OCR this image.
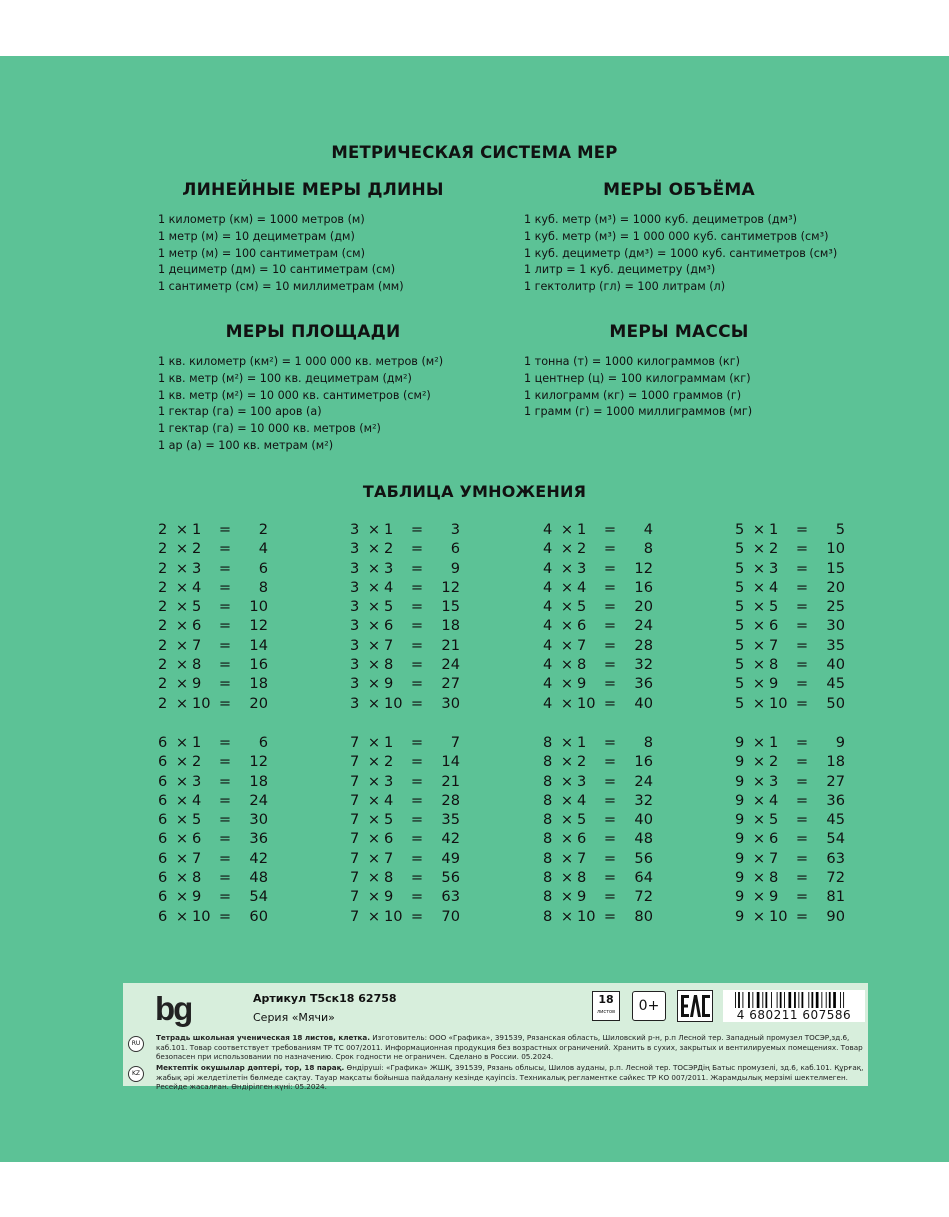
МЕТРИЧЕСКАЯ СИСТЕМА МЕР
ЛИНЕЙНЫЕ МЕРЫ ДЛИНЫ
1 километр (км) = 1000 метров (м)
1 метр (м) = 10 дециметрам (дм)
1 метр (м) = 100 сантиметрам (см)
1 дециметр (дм) = 10 сантиметрам (см)
1 сантиметр (см) = 10 миллиметрам (мм)
МЕРЫ ОБЪЁМА
1 куб. метр (м³) = 1000 куб. дециметров (дм³)
1 куб. метр (м³) = 1 000 000 куб. сантиметров (см³)
1 куб. дециметр (дм³) = 1000 куб. сантиметров (см³)
1 литр = 1 куб. дециметру (дм³)
1 гектолитр (гл) = 100 литрам (л)
МЕРЫ ПЛОЩАДИ
1 кв. километр (км²) = 1 000 000 кв. метров (м²)
1 кв. метр (м²) = 100 кв. дециметрам (дм²)
1 кв. метр (м²) = 10 000 кв. сантиметров (см²)
1 гектар (га) = 100 аров (а)
1 гектар (га) = 10 000 кв. метров (м²)
1 ар (а) = 100 кв. метрам (м²)
МЕРЫ МАССЫ
1 тонна (т) = 1000 килограммов (кг)
1 центнер (ц) = 100 килограммам (кг)
1 килограмм (кг) = 1000 граммов (г)
1 грамм (г) = 1000 миллиграммов (мг)
ТАБЛИЦА УМНОЖЕНИЯ
2 × 1 = 2
2 × 2 = 4
2 × 3 = 6
2 × 4 = 8
2 × 5 = 10
2 × 6 = 12
2 × 7 = 14
2 × 8 = 16
2 × 9 = 18
2 × 10 = 20
3 × 1 = 3
3 × 2 = 6
3 × 3 = 9
3 × 4 = 12
3 × 5 = 15
3 × 6 = 18
3 × 7 = 21
3 × 8 = 24
3 × 9 = 27
3 × 10 = 30
4 × 1 = 4
4 × 2 = 8
4 × 3 = 12
4 × 4 = 16
4 × 5 = 20
4 × 6 = 24
4 × 7 = 28
4 × 8 = 32
4 × 9 = 36
4 × 10 = 40
5 × 1 = 5
5 × 2 = 10
5 × 3 = 15
5 × 4 = 20
5 × 5 = 25
5 × 6 = 30
5 × 7 = 35
5 × 8 = 40
5 × 9 = 45
5 × 10 = 50
6 × 1 = 6
6 × 2 = 12
6 × 3 = 18
6 × 4 = 24
6 × 5 = 30
6 × 6 = 36
6 × 7 = 42
6 × 8 = 48
6 × 9 = 54
6 × 10 = 60
7 × 1 = 7
7 × 2 = 14
7 × 3 = 21
7 × 4 = 28
7 × 5 = 35
7 × 6 = 42
7 × 7 = 49
7 × 8 = 56
7 × 9 = 63
7 × 10 = 70
8 × 1 = 8
8 × 2 = 16
8 × 3 = 24
8 × 4 = 32
8 × 5 = 40
8 × 6 = 48
8 × 7 = 56
8 × 8 = 64
8 × 9 = 72
8 × 10 = 80
9 × 1 = 9
9 × 2 = 18
9 × 3 = 27
9 × 4 = 36
9 × 5 = 45
9 × 6 = 54
9 × 7 = 63
9 × 8 = 72
9 × 9 = 81
9 × 10 = 90
bg	Артикул Т5ск18 62758
Серия «Мячи»
18
листов	0+
4 680211 607586
RU
Тетрадь школьная ученическая 18 листов, клетка. Изготовитель: ООО «Графика», 391539, Рязанская область, Шиловский р-н, р.п Лесной тер. Западный промузел ТОСЭР,зд.6, каб.101. Товар соответствует требованиям ТР ТС 007/2011. Информационная продукция без возрастных ограничений. Хранить в сухих, закрытых и вентилируемых помещениях. Товар безопасен при использовании по назначению. Срок годности не ограничен. Сделано в России. 05.2024.
KZ
Мектептік окушылар дәптері, тор, 18 парақ. Өндіруші: «Графика» ЖШҚ, 391539, Рязань облысы, Шилов ауданы, р.п. Лесной тер. ТОСЭРДің Батыс промузелі, зд.6, каб.101. Құрғақ, жабық әрі желдетілетін бөлмеде сақтау. Тауар мақсаты бойынша пайдалану кезінде қауіпсіз. Техникалық регламентке сәйкес ТР КО 007/2011. Жарамдылық мерзімі шектелмеген. Ресейде жасалған. Өндірілген күні: 05.2024.
